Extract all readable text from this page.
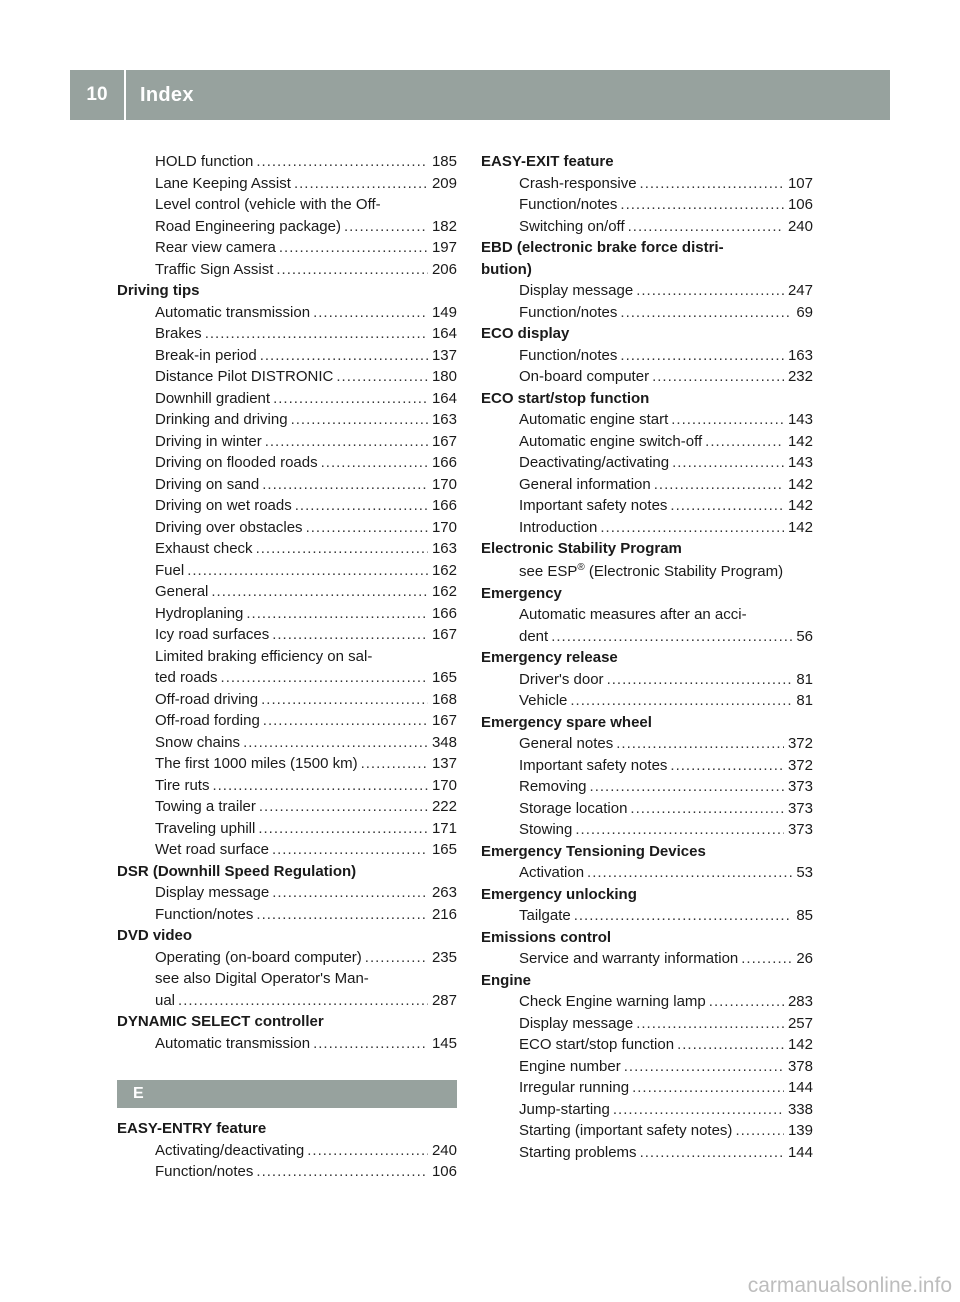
10	Index
HOLD function .....	185
Lane Keeping Assist .....	209
Level control (vehicle with the Off-
Road Engineering package) .....	182
Rear view camera .....	197
Traffic Sign Assist .....	206
Driving tips
Automatic transmission .....	149
Brakes .....	164
Break-in period .....	137
Distance Pilot DISTRONIC .....	180
Downhill gradient .....	164
Drinking and driving .....	163
Driving in winter .....	167
Driving on flooded roads .....	166
Driving on sand .....	170
Driving on wet roads .....	166
Driving over obstacles .....	170
Exhaust check .....	163
Fuel .....	162
General .....	162
Hydroplaning .....	166
Icy road surfaces .....	167
Limited braking efficiency on sal-
ted roads .....	165
Off-road driving .....	168
Off-road fording .....	167
Snow chains .....	348
The first 1000 miles (1500 km) .....	137
Tire ruts .....	170
Towing a trailer .....	222
Traveling uphill .....	171
Wet road surface .....	165
DSR (Downhill Speed Regulation)
Display message .....	263
Function/notes .....	216
DVD video
Operating (on-board computer) .....	235
see also Digital Operator's Man-
ual .....	287
DYNAMIC SELECT controller
Automatic transmission .....	145
E
EASY-ENTRY feature
Activating/deactivating .....	240
Function/notes .....	106
EASY-EXIT feature
Crash-responsive .....	107
Function/notes .....	106
Switching on/off .....	240
EBD (electronic brake force distri-
bution)
Display message .....	247
Function/notes .....	69
ECO display
Function/notes .....	163
On-board computer .....	232
ECO start/stop function
Automatic engine start .....	143
Automatic engine switch-off .....	142
Deactivating/activating .....	143
General information .....	142
Important safety notes .....	142
Introduction .....	142
Electronic Stability Program
see ESP® (Electronic Stability Program)
Emergency
Automatic measures after an acci-
dent .....	56
Emergency release
Driver's door .....	81
Vehicle .....	81
Emergency spare wheel
General notes .....	372
Important safety notes .....	372
Removing .....	373
Storage location .....	373
Stowing .....	373
Emergency Tensioning Devices
Activation .....	53
Emergency unlocking
Tailgate .....	85
Emissions control
Service and warranty information .....	26
Engine
Check Engine warning lamp .....	283
Display message .....	257
ECO start/stop function .....	142
Engine number .....	378
Irregular running .....	144
Jump-starting .....	338
Starting (important safety notes) .....	139
Starting problems .....	144
carmanualsonline.info
